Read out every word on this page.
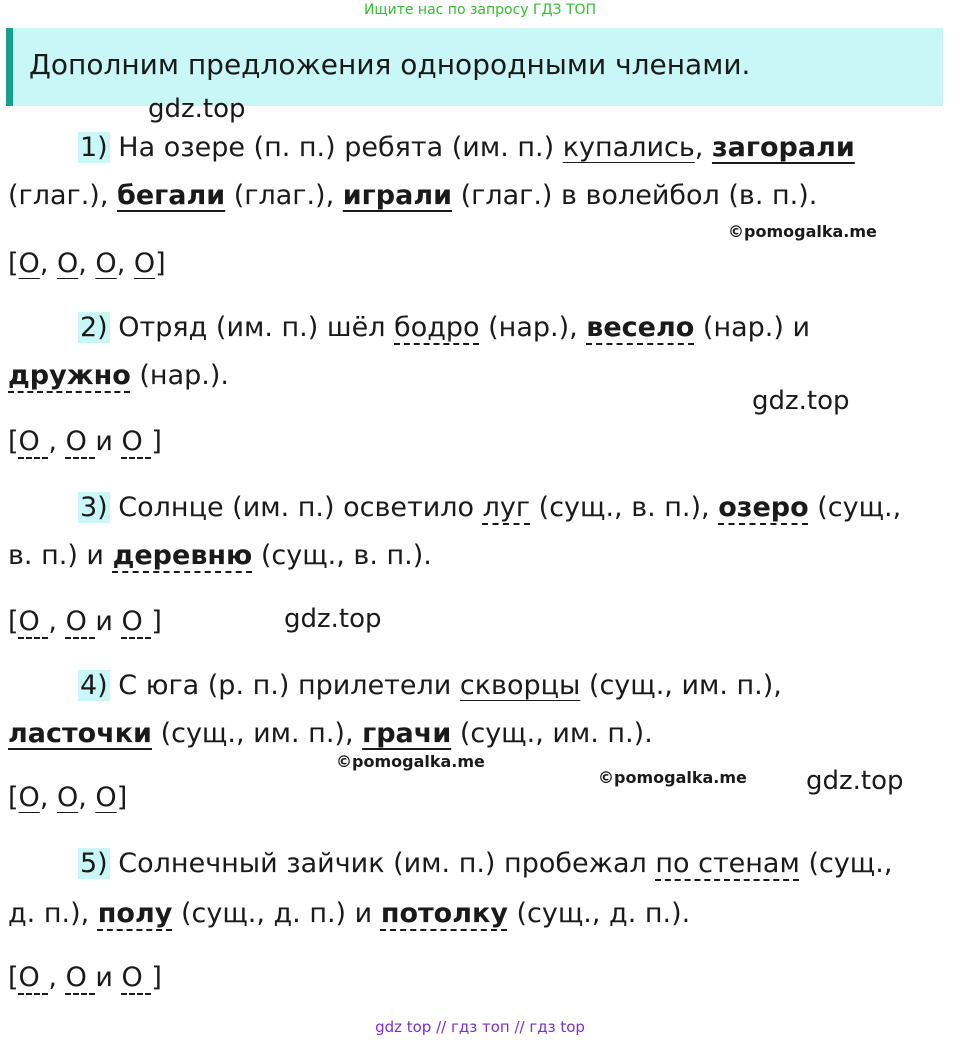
Ищите нас по запросу ГДЗ ТОП
Дополним предложения однородными членами.
gdz.top
1) На озере (п. п.) ребята (им. п.) купались, загорали
(глаг.), бегали (глаг.), играли (глаг.) в волейбол (в. п.).
©pomogalka.me
[О, О, О, О]
2) Отряд (им. п.) шёл бодро (нар.), весело (нар.) и
дружно (нар.).
gdz.top
[О , О и О ]
3) Солнце (им. п.) осветило луг (сущ., в. п.), озеро (сущ.,
в. п.) и деревню (сущ., в. п.).
[О , О и О ]	gdz.top
4) С юга (р. п.) прилетели скворцы (сущ., им. п.),
ласточки (сущ., им. п.), грачи (сущ., им. п.).
©pomogalka.me
©pomogalka.me gdz.top
[О, О, О]
5) Солнечный зайчик (им. п.) пробежал по стенам (сущ.,
д. п.), полу (сущ., д. п.) и потолку (сущ., д. п.).
[О , О и О ]
gdz top // гдз топ // гдз top
